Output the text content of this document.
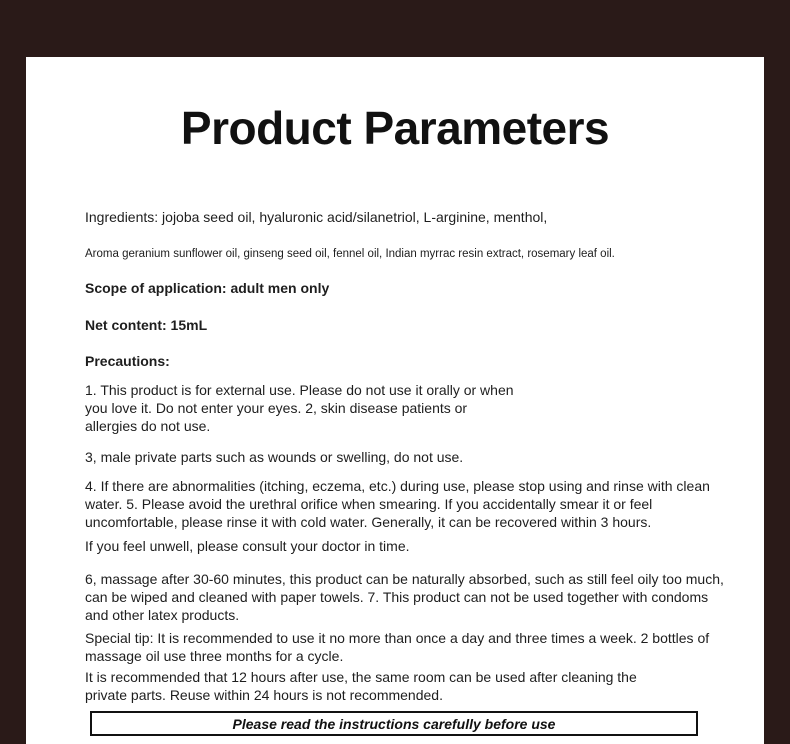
Product Parameters

Ingredients: jojoba seed oil, hyaluronic acid/silanetriol, L-arginine, menthol,

Aroma geranium sunflower oil, ginseng seed oil, fennel oil, Indian myrrac resin extract, rosemary leaf oil.

Scope of application: adult men only

Net content: 15mL

Precautions:

1. This product is for external use. Please do not use it orally or when you love it. Do not enter your eyes. 2, skin disease patients or allergies do not use.

3, male private parts such as wounds or swelling, do not use.

4. If there are abnormalities (itching, eczema, etc.) during use, please stop using and rinse with clean water. 5. Please avoid the urethral orifice when smearing. If you accidentally smear it or feel uncomfortable, please rinse it with cold water. Generally, it can be recovered within 3 hours.

If you feel unwell, please consult your doctor in time.

6, massage after 30-60 minutes, this product can be naturally absorbed, such as still feel oily too much, can be wiped and cleaned with paper towels. 7. This product can not be used together with condoms and other latex products.

Special tip: It is recommended to use it no more than once a day and three times a week. 2 bottles of massage oil use three months for a cycle.

It is recommended that 12 hours after use, the same room can be used after cleaning the private parts. Reuse within 24 hours is not recommended.

Please read the instructions carefully before use
